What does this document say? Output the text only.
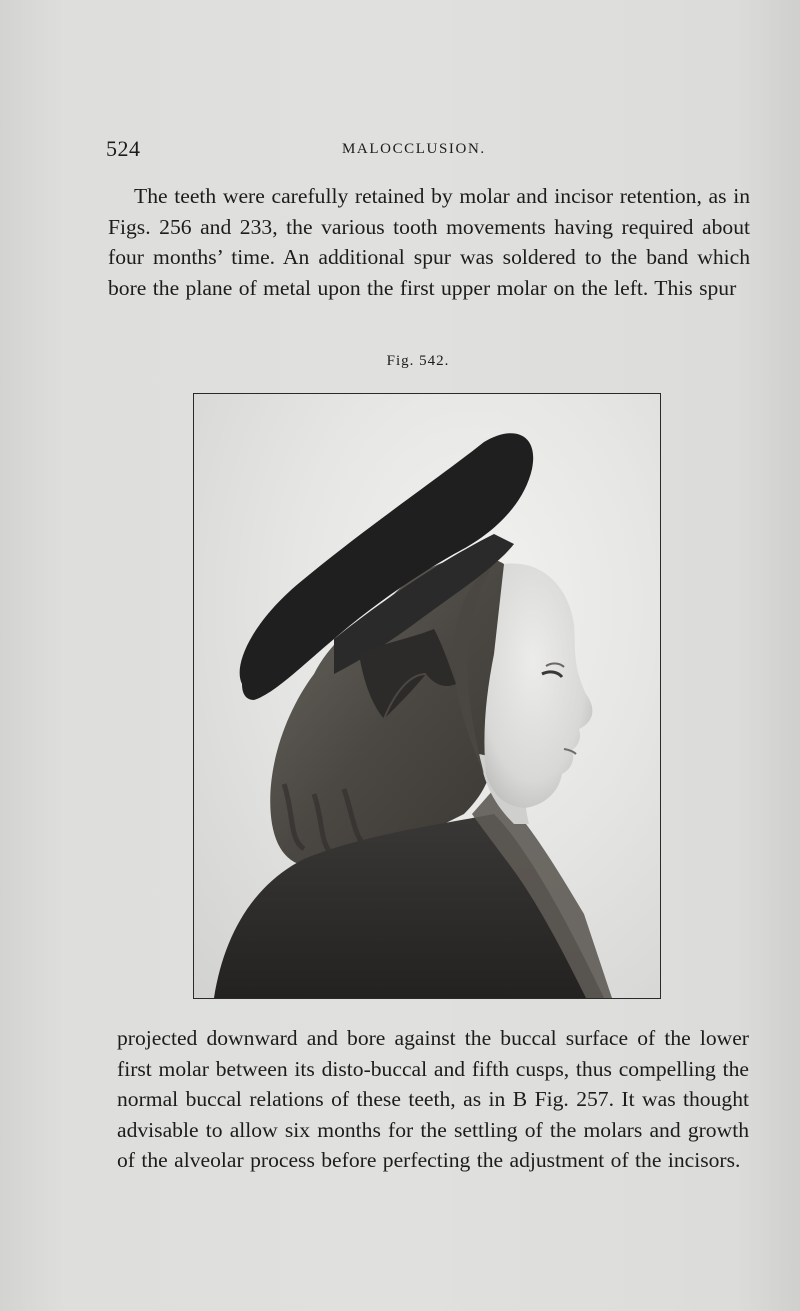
524	MALOCCLUSION.
The teeth were carefully retained by molar and incisor retention, as in Figs. 256 and 233, the various tooth movements having required about four months’ time. An additional spur was soldered to the band which bore the plane of metal upon the first upper molar on the left. This spur
Fig. 542.
projected downward and bore against the buccal surface of the lower first molar between its disto-buccal and fifth cusps, thus compelling the normal buccal relations of these teeth, as in B Fig. 257. It was thought advisable to allow six months for the settling of the molars and growth of the alveolar process before perfecting the adjustment of the incisors.
